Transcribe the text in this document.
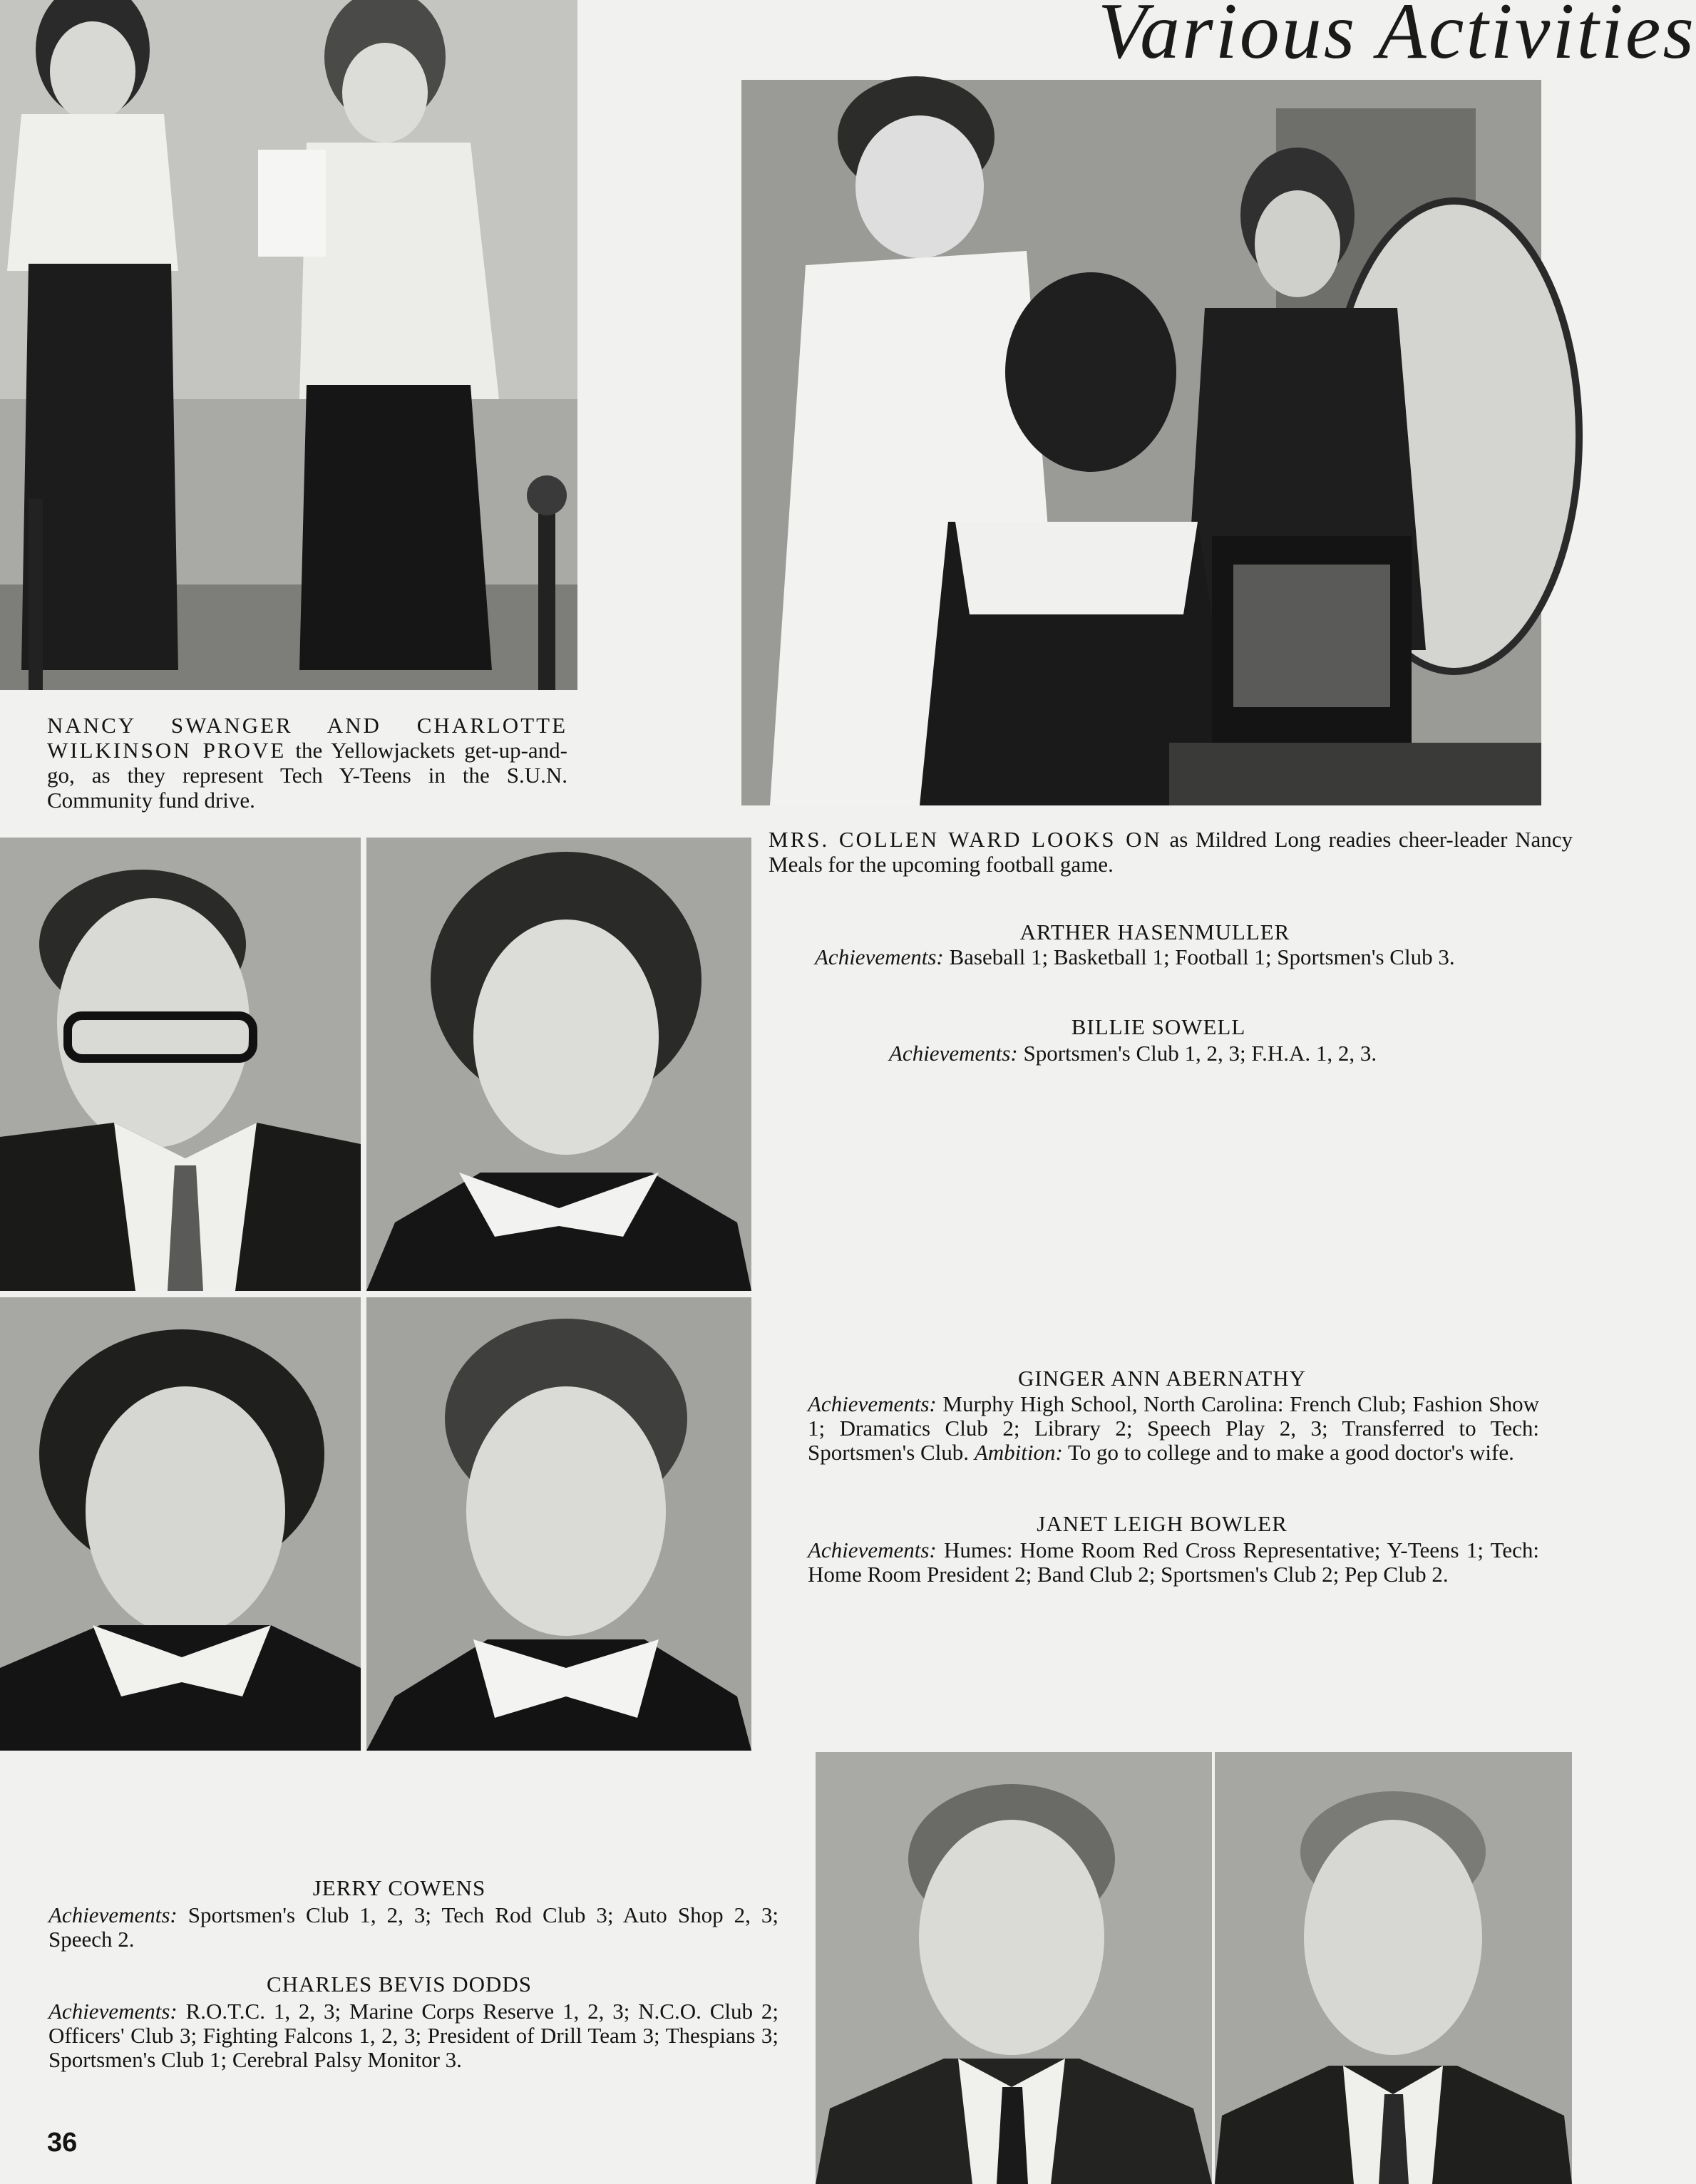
Various Activities
NANCY SWANGER AND CHARLOTTE WILKINSON PROVE the Yellowjackets get-up-and-go, as they represent Tech Y-Teens in the S.U.N. Community fund drive.
MRS. COLLEN WARD LOOKS ON as Mildred Long readies cheer-leader Nancy Meals for the upcoming football game.
ARTHER HASENMULLER
Achievements: Baseball 1; Basketball 1; Football 1; Sportsmen's Club 3.
BILLIE SOWELL
Achievements: Sportsmen's Club 1, 2, 3; F.H.A. 1, 2, 3.
GINGER ANN ABERNATHY
Achievements: Murphy High School, North Carolina: French Club; Fashion Show 1; Dramatics Club 2; Library 2; Speech Play 2, 3; Transferred to Tech: Sportsmen's Club. Ambition: To go to college and to make a good doctor's wife.
JANET LEIGH BOWLER
Achievements: Humes: Home Room Red Cross Representative; Y-Teens 1; Tech: Home Room President 2; Band Club 2; Sportsmen's Club 2; Pep Club 2.
JERRY COWENS
Achievements: Sportsmen's Club 1, 2, 3; Tech Rod Club 3; Auto Shop 2, 3; Speech 2.
CHARLES BEVIS DODDS
Achievements: R.O.T.C. 1, 2, 3; Marine Corps Reserve 1, 2, 3; N.C.O. Club 2; Officers' Club 3; Fighting Falcons 1, 2, 3; President of Drill Team 3; Thespians 3; Sportsmen's Club 1; Cerebral Palsy Monitor 3.
36
